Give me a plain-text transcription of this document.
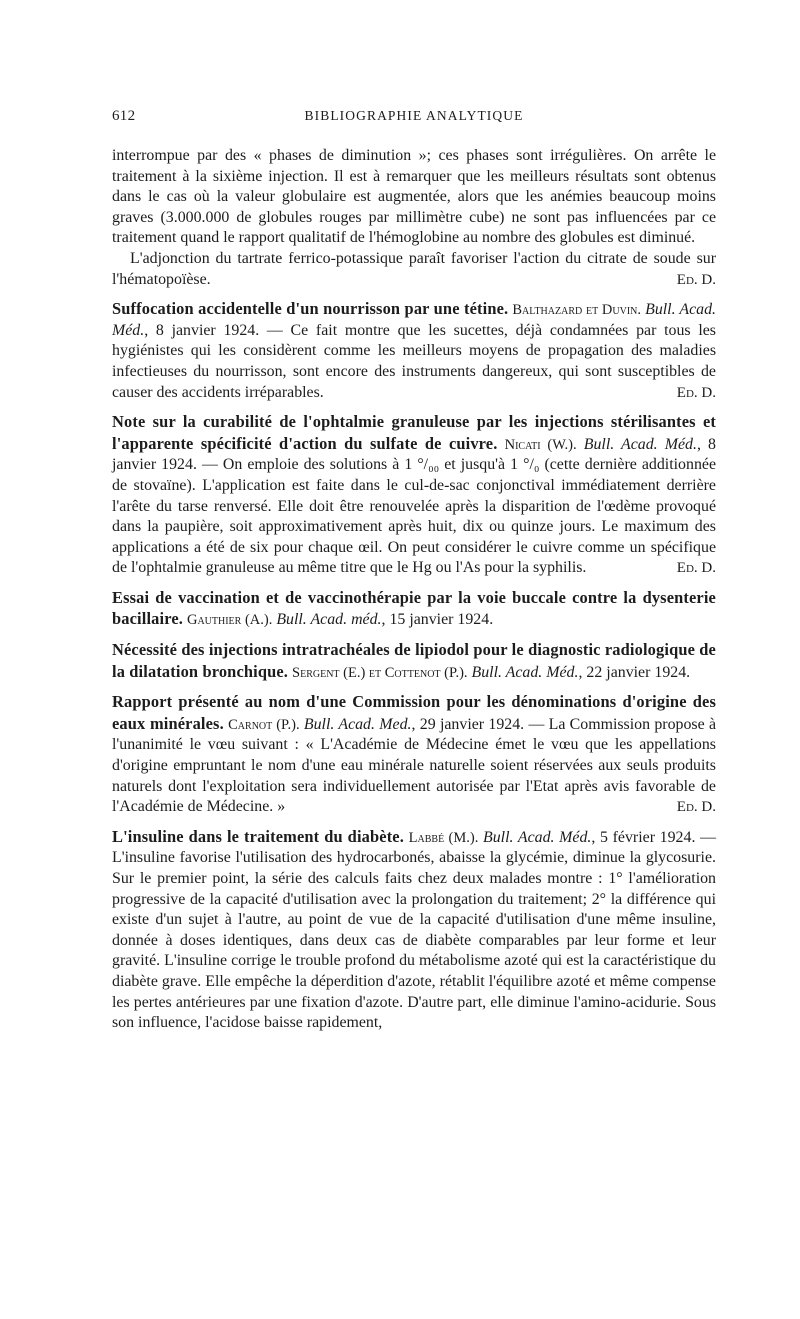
612	BIBLIOGRAPHIE ANALYTIQUE

interrompue par des « phases de diminution »; ces phases sont irrégulières. On arrête le traitement à la sixième injection. Il est à remarquer que les meilleurs résultats sont obtenus dans le cas où la valeur globulaire est augmentée, alors que les anémies beaucoup moins graves (3.000.000 de globules rouges par millimètre cube) ne sont pas influencées par ce traitement quand le rapport qualitatif de l'hémoglobine au nombre des globules est diminué.

L'adjonction du tartrate ferrico-potassique paraît favoriser l'action du citrate de soude sur l'hématopoïèse.	Ed. D.

Suffocation accidentelle d'un nourrisson par une tétine. Balthazard et Duvin. Bull. Acad. Méd., 8 janvier 1924. — Ce fait montre que les sucettes, déjà condamnées par tous les hygiénistes qui les considèrent comme les meilleurs moyens de propagation des maladies infectieuses du nourrisson, sont encore des instruments dangereux, qui sont susceptibles de causer des accidents irréparables.	Ed. D.

Note sur la curabilité de l'ophtalmie granuleuse par les injections stérilisantes et l'apparente spécificité d'action du sulfate de cuivre. Nicati (W.). Bull. Acad. Méd., 8 janvier 1924. — On emploie des solutions à 1 °/₀₀ et jusqu'à 1 °/₀ (cette dernière additionnée de stovaïne). L'application est faite dans le cul-de-sac conjonctival immédiatement derrière l'arête du tarse renversé. Elle doit être renouvelée après la disparition de l'œdème provoqué dans la paupière, soit approximativement après huit, dix ou quinze jours. Le maximum des applications a été de six pour chaque œil. On peut considérer le cuivre comme un spécifique de l'ophtalmie granuleuse au même titre que le Hg ou l'As pour la syphilis.	Ed. D.

Essai de vaccination et de vaccinothérapie par la voie buccale contre la dysenterie bacillaire. Gauthier (A.). Bull. Acad. méd., 15 janvier 1924.

Nécessité des injections intratrachéales de lipiodol pour le diagnostic radiologique de la dilatation bronchique. Sergent (E.) et Cottenot (P.). Bull. Acad. Méd., 22 janvier 1924.

Rapport présenté au nom d'une Commission pour les dénominations d'origine des eaux minérales. Carnot (P.). Bull. Acad. Med., 29 janvier 1924. — La Commission propose à l'unanimité le vœu suivant : « L'Académie de Médecine émet le vœu que les appellations d'origine empruntant le nom d'une eau minérale naturelle soient réservées aux seuls produits naturels dont l'exploitation sera individuellement autorisée par l'Etat après avis favorable de l'Académie de Médecine. »	Ed. D.

L'insuline dans le traitement du diabète. Labbé (M.). Bull. Acad. Méd., 5 février 1924. — L'insuline favorise l'utilisation des hydrocarbonés, abaisse la glycémie, diminue la glycosurie. Sur le premier point, la série des calculs faits chez deux malades montre : 1° l'amélioration progressive de la capacité d'utilisation avec la prolongation du traitement; 2° la différence qui existe d'un sujet à l'autre, au point de vue de la capacité d'utilisation d'une même insuline, donnée à doses identiques, dans deux cas de diabète comparables par leur forme et leur gravité. L'insuline corrige le trouble profond du métabolisme azoté qui est la caractéristique du diabète grave. Elle empêche la déperdition d'azote, rétablit l'équilibre azoté et même compense les pertes antérieures par une fixation d'azote. D'autre part, elle diminue l'amino-acidurie. Sous son influence, l'acidose baisse rapidement,
